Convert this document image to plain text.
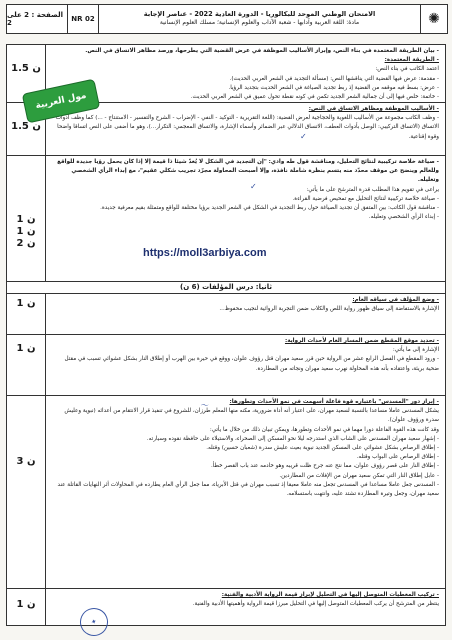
الصفحة : 2 على 2	NR 02
الامتحان الوطني الموحد للبكالوريا - الدورة العادية 2022 - عناصر الإجابة
مادة: اللغة العربية وآدابها - شعبة الآداب والعلوم الإنسانية؛ مسلك العلوم الإنسانية	✺
1.5 ن

- بيان الطريقة المعتمدة في بناء النص، وإبراز الأساليب الموظفة في عرض القضية التي يطرحها، ورصد مظاهر الاتساق في النص.

- الطريقة المعتمدة:

اعتمد الكاتب في بناء النص:

- مقدمة: عرض فيها القضية التي يناقشها النص: (مسألة التجديد في الشعر العربي الحديث).

- عرض: بسط فيه موقفه من القضية إذ ربط تجديد الصياغة في الشعر الحديث بتجديد الرؤيا.

- خاتمة: خلص فيها إلى أن جمالية الشعر الجديد تكمن في كونه نقطة تحول عميق في الشعر العربي الحديث.

1.5 ن

- الأساليب الموظفة ومظاهر الاتساق في النص:

- وظف الكاتب مجموعة من الأساليب اللغوية والحجاجية لعرض القضية: (اللغة التقريرية - التوكيد - النفي - الإضراب - الشرح والتفسير - الاستنتاج - ...) كما وظف أدوات الاتساق (الاتساق التركيبي: الوصل بأدوات العطف، الاتساق الدلالي عبر الضمائر وأسماء الإشارة، والاتساق المعجمي: التكرار...)، وهو ما أضفى على النص اتساقا واضحا وقوة إقناعية.

1 ن
1 ن
2 ن

- صياغة خلاصة تركيبية لنتائج التحليل، ومناقشة قول طه وادي: "إن التجديد في الشكل لا يُعدّ شيئا ذا قيمة إلا إذا كان يحمل رؤيا جديدة للواقع وللعالم وينضح عن موقف محدّد منه يتسم بنظرة شاملة نافذة، وإلا أصبحت المحاولة مجرّد تجريب شكلي عقيم"، مع إبداء الرأي الشخصي وتعليله.

يراعى في تقويم هذا المطلب قدرة المترشح على ما يأتي:

- صياغة خلاصة تركيبية لنتائج التحليل مع تمحيص فرضية القراءة.

- مناقشة قول الكاتب: بين المتفق أن تجديد الصياغة حول ربط التجديد في الشكل في الشعر الجديد برؤيا مختلفة للواقع ومتمثلة بقيم معرفية جديدة.

- إبداء الرأي الشخصي وتعليله.

ثانيا: درس المؤلفات (6 ن)
1 ن	- وضع المؤلف في سياقه العام:

الإشارة بالاستفاضة إلى سياق ظهور رواية اللص والكلاب ضمن التجربة الروائية لنجيب محفوظ...

1 ن

- تحديد موقع المقطع ضمن المسار العام لأحداث الرواية:

الإشارة إلى ما يأتي:

- ورود المقطع في الفصل الرابع عشر من الرواية حين قرر سعيد مهران قتل رؤوف علوان، ووقع في حيرة بين الهرب أو إطلاق النار بشكل عشوائي تسبب في مقتل ضحية بريئة، واعتقاده بأنه هذه المحاولة نهرب سعيد مهران ونجاته من المطاردة.

3 ن

- إبراز دور "المسدس" باعتباره قوة فاعلة أسهمت في نمو الأحداث وتطورها:

يشكل المسدس عاملا مساعدا بالنسبة لسعيد مهران، على اعتبار أنه أداة ضرورية، مكنه منها المعلم طرزان، للشروع في تنفيذ قرار الانتقام من أعدائه (نبوية وعليش سدرة ورؤوف علوان).

وقد كانت هذه القوة الفاعلة دورا مهما في نمو الأحداث وتطورها، ويمكن تبيان ذلك من خلال ما يأتي:

- إشهار سعيد مهران المسدس على الشاب الذي استدرجه ليلا نحو المسكن إلى الصحراء، والاستيلاء على حافظة نقوده وسيارته.

- إطلاق الرصاص بشكل عشوائي على المسكن الجديد نبوية بعيث عليش سدرة (شعبان حسين) وقتله.

- إطلاق الرصاص على البواب وقتله.

- إطلاق النار على قصر رؤوف علوان، مما نتج عنه جرح ظلت قريبه وهو خادمه عند باب القصر خطأ.

- عابل إطلاق النار التي تمكن سعيد مهران من الإفلات من المطاردين.

- المسدس جعل عاملا مساعدا في المسدس تجعل منه عاملا معيقا إذ تسبب مهران في قتل الأبرياء، مما جعل الرأي العام يطارده في المحاولات أثر النهايات القاتلة عند سعيد مهران، وجعل وتيرة المطاردة تشتد عليه، وانتهت باستسلامه.

1 ن

- تركيب المعطيات المتوصل إليها في التحليل لإبراز قيمة الرواية الأدبية والفنية:

ينتظر من المترشح أن يركب المعطيات المتوصل إليها في التحليل مبرزا قيمة الرواية وأهميتها الأدبية والفنية.

مول العربية
https://moll3arbiya.com
✦
✓
✓
〜
